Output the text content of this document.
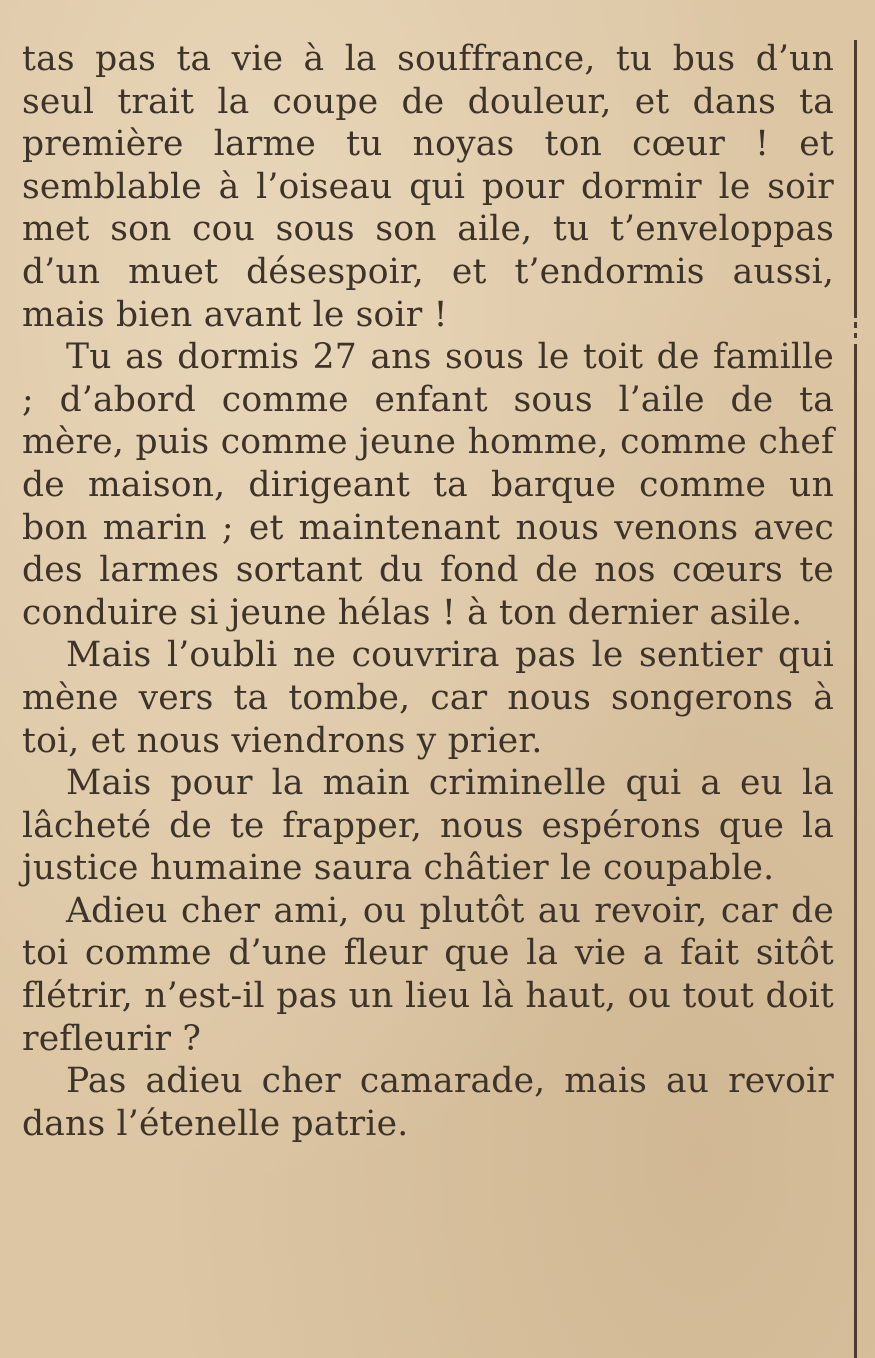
tas pas ta vie à la souffrance, tu bus d’un seul trait la coupe de douleur, et dans ta première larme tu noyas ton cœur ! et semblable à l’oiseau qui pour dormir le soir met son cou sous son aile, tu t’enveloppas d’un muet désespoir, et t’endormis aussi, mais bien avant le soir !

Tu as dormis 27 ans sous le toit de famille ; d’abord comme enfant sous l’aile de ta mère, puis comme jeune homme, comme chef de maison, dirigeant ta barque comme un bon marin ; et maintenant nous venons avec des larmes sortant du fond de nos cœurs te conduire si jeune hélas ! à ton dernier asile.

Mais l’oubli ne couvrira pas le sentier qui mène vers ta tombe, car nous songerons à toi, et nous viendrons y prier.

Mais pour la main criminelle qui a eu la lâcheté de te frapper, nous espérons que la justice humaine saura châtier le coupable.

Adieu cher ami, ou plutôt au revoir, car de toi comme d’une fleur que la vie a fait sitôt flétrir, n’est-il pas un lieu là haut, ou tout doit refleurir ?

Pas adieu cher camarade, mais au revoir dans l’étenelle patrie.
